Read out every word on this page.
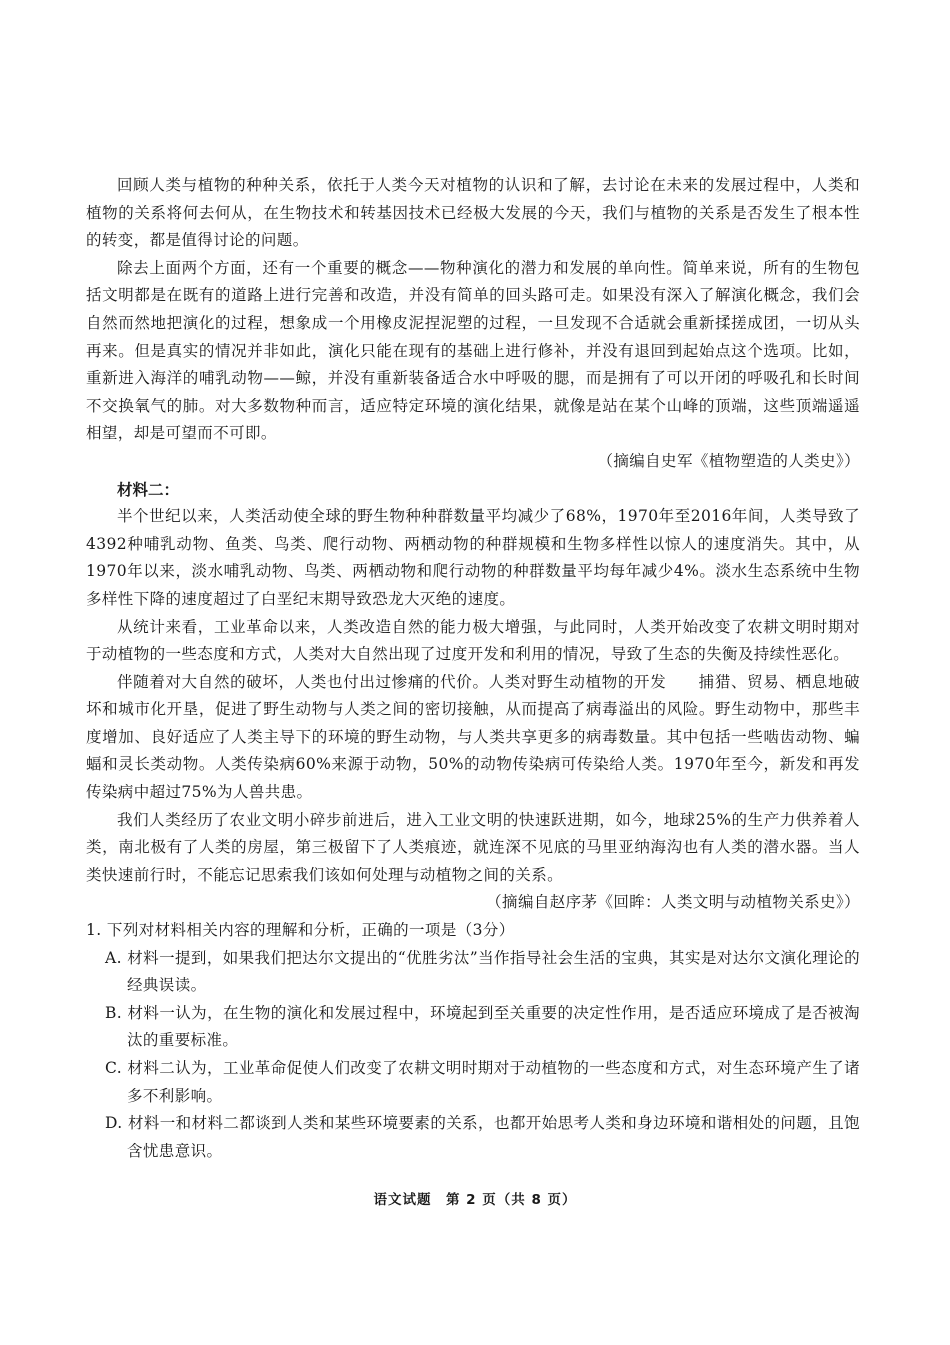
回顾人类与植物的种种关系，依托于人类今天对植物的认识和了解，去讨论在未来的发展过程中，人类和植物的关系将何去何从，在生物技术和转基因技术已经极大发展的今天，我们与植物的关系是否发生了根本性的转变，都是值得讨论的问题。

除去上面两个方面，还有一个重要的概念——物种演化的潜力和发展的单向性。简单来说，所有的生物包括文明都是在既有的道路上进行完善和改造，并没有简单的回头路可走。如果没有深入了解演化概念，我们会自然而然地把演化的过程，想象成一个用橡皮泥捏泥塑的过程，一旦发现不合适就会重新揉搓成团，一切从头再来。但是真实的情况并非如此，演化只能在现有的基础上进行修补，并没有退回到起始点这个选项。比如，重新进入海洋的哺乳动物——鲸，并没有重新装备适合水中呼吸的腮，而是拥有了可以开闭的呼吸孔和长时间不交换氧气的肺。对大多数物种而言，适应特定环境的演化结果，就像是站在某个山峰的顶端，这些顶端遥遥相望，却是可望而不可即。

（摘编自史军《植物塑造的人类史》）

材料二：

半个世纪以来，人类活动使全球的野生物种种群数量平均减少了68%，1970年至2016年间，人类导致了4392种哺乳动物、鱼类、鸟类、爬行动物、两栖动物的种群规模和生物多样性以惊人的速度消失。其中，从1970年以来，淡水哺乳动物、鸟类、两栖动物和爬行动物的种群数量平均每年减少4%。淡水生态系统中生物多样性下降的速度超过了白垩纪末期导致恐龙大灭绝的速度。

从统计来看，工业革命以来，人类改造自然的能力极大增强，与此同时，人类开始改变了农耕文明时期对于动植物的一些态度和方式，人类对大自然出现了过度开发和利用的情况，导致了生态的失衡及持续性恶化。

伴随着对大自然的破坏，人类也付出过惨痛的代价。人类对野生动植物的开发　　捕猎、贸易、栖息地破坏和城市化开垦，促进了野生动物与人类之间的密切接触，从而提高了病毒溢出的风险。野生动物中，那些丰度增加、良好适应了人类主导下的环境的野生动物，与人类共享更多的病毒数量。其中包括一些啮齿动物、蝙蝠和灵长类动物。人类传染病60%来源于动物，50%的动物传染病可传染给人类。1970年至今，新发和再发传染病中超过75%为人兽共患。

我们人类经历了农业文明小碎步前进后，进入工业文明的快速跃进期，如今，地球25%的生产力供养着人类，南北极有了人类的房屋，第三极留下了人类痕迹，就连深不见底的马里亚纳海沟也有人类的潜水器。当人类快速前行时，不能忘记思索我们该如何处理与动植物之间的关系。

（摘编自赵序茅《回眸：人类文明与动植物关系史》）

1. 下列对材料相关内容的理解和分析，正确的一项是（3分）

A. 材料一提到，如果我们把达尔文提出的“优胜劣汰”当作指导社会生活的宝典，其实是对达尔文演化理论的经典误读。

B. 材料一认为，在生物的演化和发展过程中，环境起到至关重要的决定性作用，是否适应环境成了是否被淘汰的重要标准。

C. 材料二认为，工业革命促使人们改变了农耕文明时期对于动植物的一些态度和方式，对生态环境产生了诸多不利影响。

D. 材料一和材料二都谈到人类和某些环境要素的关系，也都开始思考人类和身边环境和谐相处的问题，且饱含忧患意识。

语文试题　第 2 页（共 8 页）
